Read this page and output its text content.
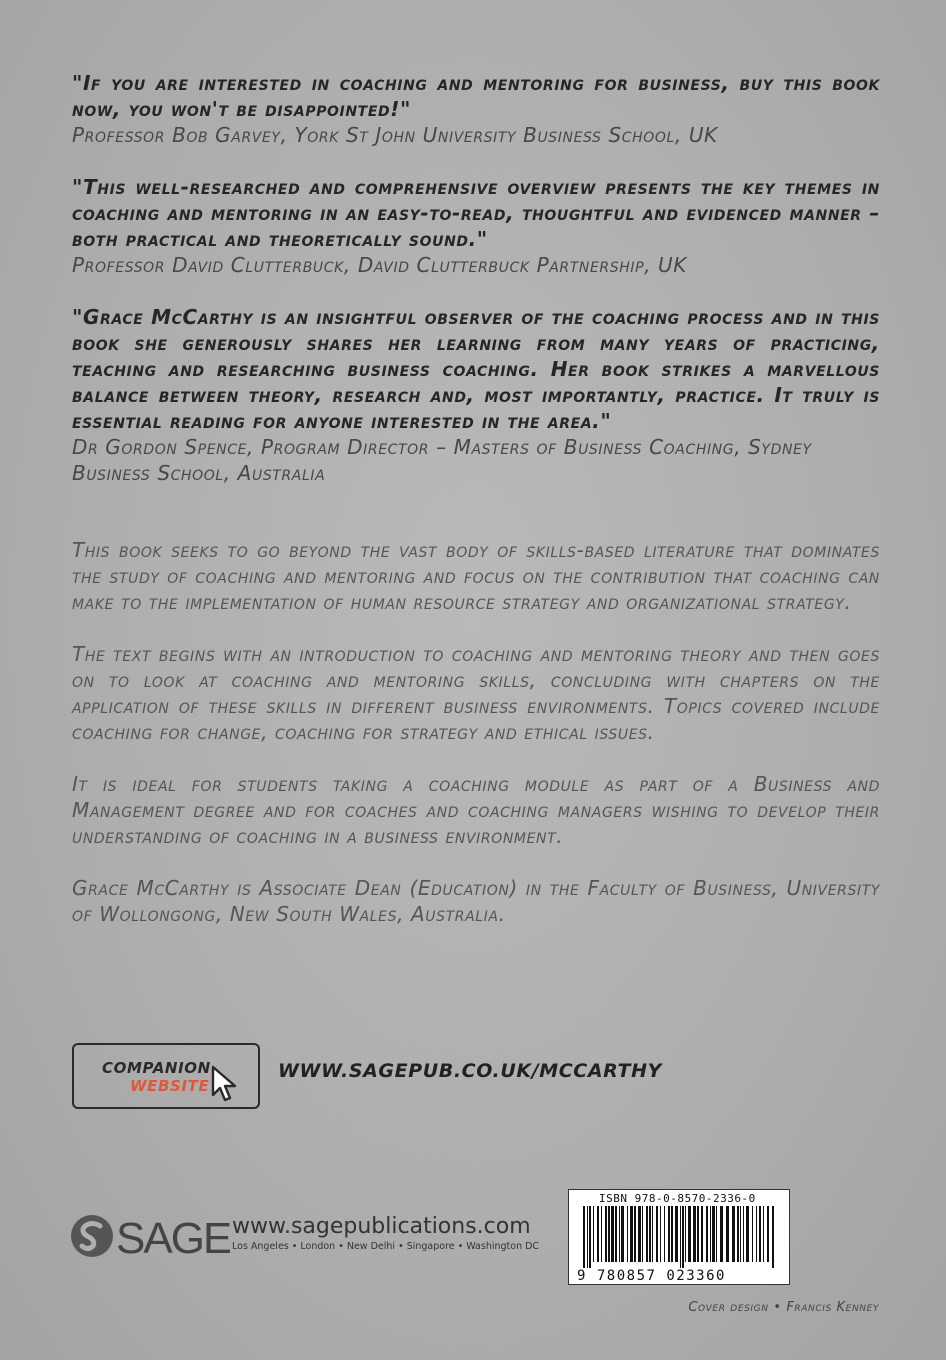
"If you are interested in coaching and mentoring for business, buy this book now, you won't be disappointed!"

Professor Bob Garvey, York St John University Business School, UK

"This well-researched and comprehensive overview presents the key themes in coaching and mentoring in an easy-to-read, thoughtful and evidenced manner – both practical and theoretically sound."

Professor David Clutterbuck, David Clutterbuck Partnership, UK

"Grace McCarthy is an insightful observer of the coaching process and in this book she generously shares her learning from many years of practicing, teaching and researching business coaching. Her book strikes a marvellous balance between theory, research and, most importantly, practice. It truly is essential reading for anyone interested in the area."

Dr Gordon Spence, Program Director – Masters of Business Coaching, Sydney Business School, Australia

This book seeks to go beyond the vast body of skills-based literature that dominates the study of coaching and mentoring and focus on the contribution that coaching can make to the implementation of human resource strategy and organizational strategy.

The text begins with an introduction to coaching and mentoring theory and then goes on to look at coaching and mentoring skills, concluding with chapters on the application of these skills in different business environments. Topics covered include coaching for change, coaching for strategy and ethical issues.

It is ideal for students taking a coaching module as part of a Business and Management degree and for coaches and coaching managers wishing to develop their understanding of coaching in a business environment.

Grace McCarthy is Associate Dean (Education) in the Faculty of Business, University of Wollongong, New South Wales, Australia.

COMPANION
WEBSITE
WWW.SAGEPUB.CO.UK/MCCARTHY
SAGE www.sagepublications.com
Los Angeles • London • New Delhi • Singapore • Washington DC
ISBN 978-0-8570-2336-0
9 780857 023360
Cover design • Francis Kenney
